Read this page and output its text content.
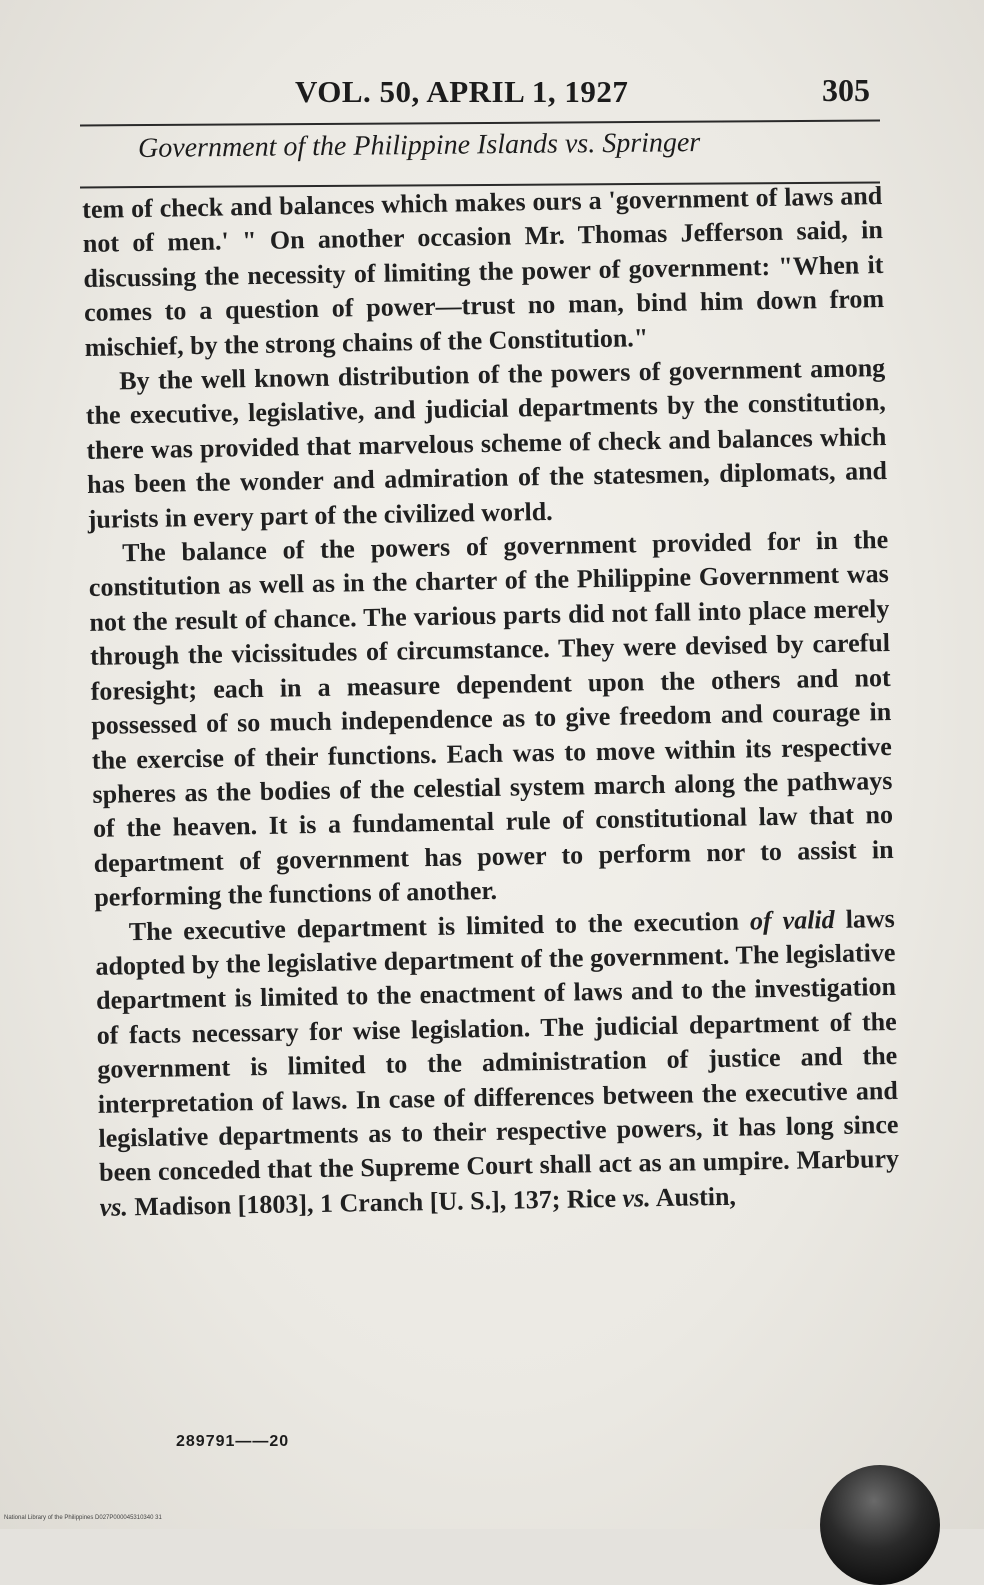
VOL. 50, APRIL 1, 1927	305
Government of the Philippine Islands vs. Springer

tem of check and balances which makes ours a 'government of laws and not of men.' " On another occasion Mr. Thomas Jefferson said, in discussing the necessity of limiting the power of government: "When it comes to a question of power—trust no man, bind him down from mischief, by the strong chains of the Constitution."

By the well known distribution of the powers of government among the executive, legislative, and judicial departments by the constitution, there was provided that marvelous scheme of check and balances which has been the wonder and admiration of the statesmen, diplomats, and jurists in every part of the civilized world.

The balance of the powers of government provided for in the constitution as well as in the charter of the Philippine Government was not the result of chance. The various parts did not fall into place merely through the vicissitudes of circumstance. They were devised by careful foresight; each in a measure dependent upon the others and not possessed of so much independence as to give freedom and courage in the exercise of their functions. Each was to move within its respective spheres as the bodies of the celestial system march along the pathways of the heaven. It is a fundamental rule of constitutional law that no department of government has power to perform nor to assist in performing the functions of another.

The executive department is limited to the execution of valid laws adopted by the legislative department of the government. The legislative department is limited to the enactment of laws and to the investigation of facts necessary for wise legislation. The judicial department of the government is limited to the administration of justice and the interpretation of laws. In case of differences between the executive and legislative departments as to their respective powers, it has long since been conceded that the Supreme Court shall act as an umpire. Marbury vs. Madison [1803], 1 Cranch [U. S.], 137; Rice vs. Austin,

289791——20
National Library of the Philippines D027P000045310340 31
